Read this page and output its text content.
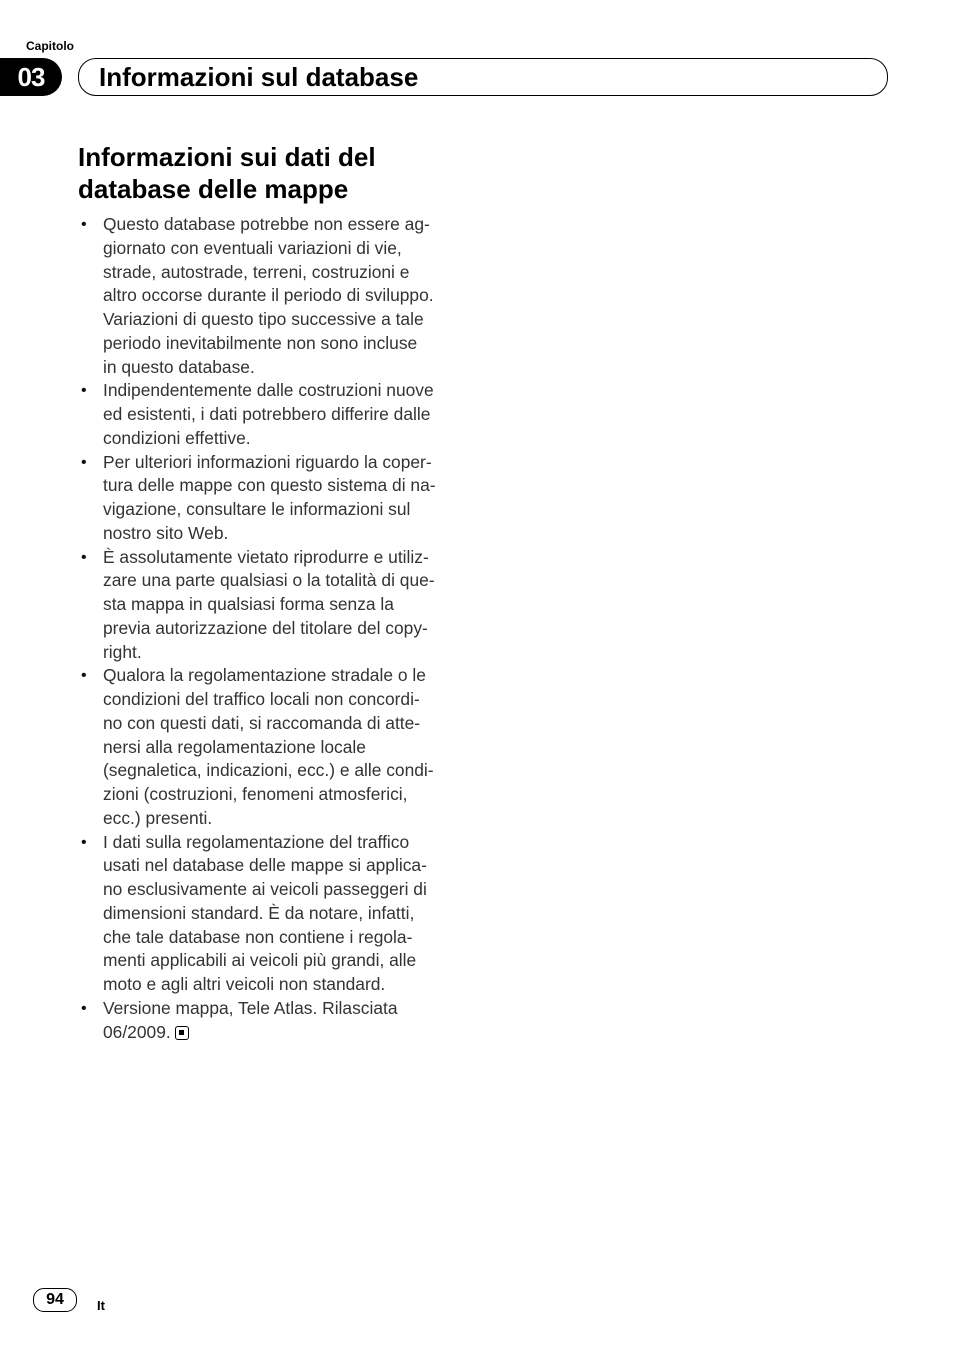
Capitolo
03	Informazioni sul database
Informazioni sui dati del
database delle mappe
• Questo database potrebbe non essere ag-
giornato con eventuali variazioni di vie,
strade, autostrade, terreni, costruzioni e
altro occorse durante il periodo di sviluppo.
Variazioni di questo tipo successive a tale
periodo inevitabilmente non sono incluse
in questo database.
• Indipendentemente dalle costruzioni nuove
ed esistenti, i dati potrebbero differire dalle
condizioni effettive.
• Per ulteriori informazioni riguardo la coper-
tura delle mappe con questo sistema di na-
vigazione, consultare le informazioni sul
nostro sito Web.
• È assolutamente vietato riprodurre e utiliz-
zare una parte qualsiasi o la totalità di que-
sta mappa in qualsiasi forma senza la
previa autorizzazione del titolare del copy-
right.
• Qualora la regolamentazione stradale o le
condizioni del traffico locali non concordi-
no con questi dati, si raccomanda di atte-
nersi alla regolamentazione locale
(segnaletica, indicazioni, ecc.) e alle condi-
zioni (costruzioni, fenomeni atmosferici,
ecc.) presenti.
• I dati sulla regolamentazione del traffico
usati nel database delle mappe si applica-
no esclusivamente ai veicoli passeggeri di
dimensioni standard. È da notare, infatti,
che tale database non contiene i regola-
menti applicabili ai veicoli più grandi, alle
moto e agli altri veicoli non standard.
• Versione mappa, Tele Atlas. Rilasciata
06/2009.
94	It
